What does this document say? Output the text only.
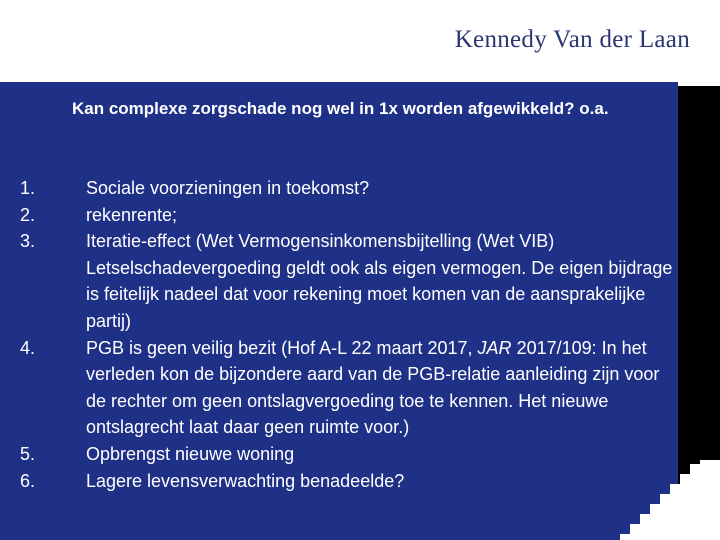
Kennedy Van der Laan
Kan complexe zorgschade nog wel in 1x worden afgewikkeld? o.a.
1.	Sociale voorzieningen in toekomst?
2.	rekenrente;
3.	Iteratie-effect (Wet Vermogensinkomensbijtelling (Wet VIB) Letselschadevergoeding geldt ook als eigen vermogen. De eigen bijdrage is feitelijk nadeel dat voor rekening moet komen van de aansprakelijke partij)
4.	PGB is geen veilig bezit (Hof A-L 22 maart 2017, JAR 2017/109: In het verleden kon de bijzondere aard van de PGB-relatie aanleiding zijn voor de rechter om geen ontslagvergoeding toe te kennen. Het nieuwe ontslagrecht laat daar geen ruimte voor.)
5.	Opbrengst nieuwe woning
6.	Lagere levensverwachting benadeelde?
